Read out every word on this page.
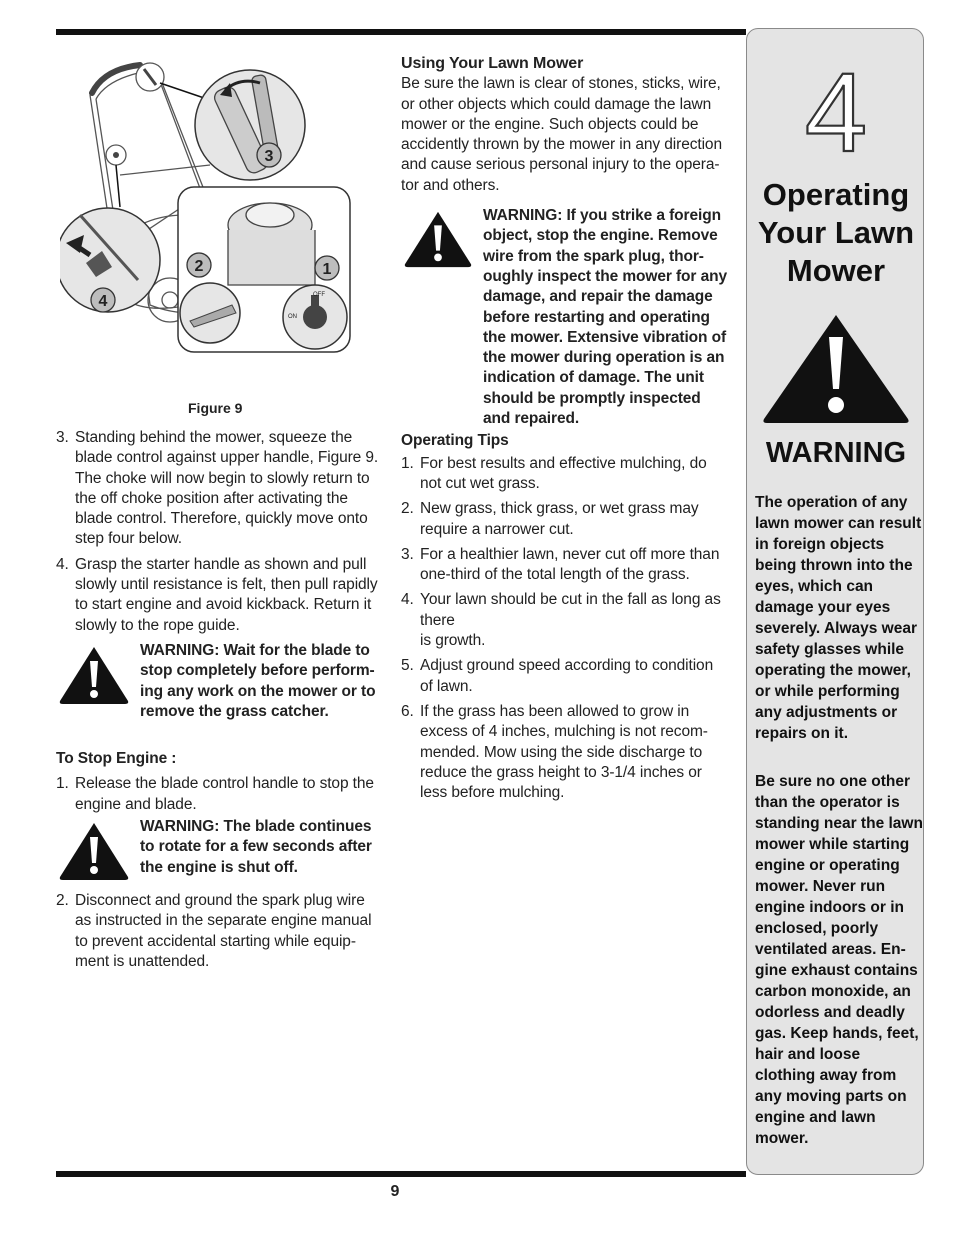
OFF
ON
1
2
3
4
Figure 9
3. Standing behind the mower, squeeze the blade control against upper handle, Figure 9. The choke will now begin to slowly return to the off choke position after activating the blade control. Therefore, quickly move onto step four below.
4. Grasp the starter handle as shown and pull slowly until resistance is felt, then pull rapidly to start engine and avoid kickback. Return it slowly to the rope guide.
WARNING: Wait for the blade to stop completely before perform-ing any work on the mower or to remove the grass catcher.
To Stop Engine :
1. Release the blade control handle to stop the engine and blade.
WARNING: The blade continues to rotate for a few seconds after the engine is shut off.
2. Disconnect and ground the spark plug wire as instructed in the separate engine manual to prevent accidental starting while equip-ment is unattended.
Using Your Lawn Mower

Be sure the lawn is clear of stones, sticks, wire, or other objects which could damage the lawn mower or the engine. Such objects could be accidently thrown by the mower in any direction and cause serious personal injury to the opera-tor and others.

WARNING: If you strike a foreign object, stop the engine. Remove wire from the spark plug, thor-oughly inspect the mower for any damage, and repair the damage before restarting and operating the mower. Extensive vibration of the mower during operation is an indication of damage. The unit should be promptly inspected and repaired.
Operating Tips
1. For best results and effective mulching, do not cut wet grass.
2. New grass, thick grass, or wet grass may require a narrower cut.
3. For a healthier lawn, never cut off more than one-third of the total length of the grass.
4. Your lawn should be cut in the fall as long as there
is growth.
5. Adjust ground speed according to condition of lawn.
6. If the grass has been allowed to grow in excess of 4 inches, mulching is not recom-mended. Mow using the side discharge to reduce the grass height to 3-1/4 inches or less before mulching.
4
Operating
Your Lawn
Mower
WARNING
The operation of any lawn mower can result in foreign objects being thrown into the eyes, which can damage your eyes severely. Always wear safety glasses while operating the mower, or while performing any adjustments or repairs on it.
Be sure no one other than the operator is standing near the lawn mower while starting engine or operating mower. Never run engine indoors or in enclosed, poorly ventilated areas. En-gine exhaust contains carbon monoxide, an odorless and deadly gas. Keep hands, feet, hair and loose clothing away from any moving parts on engine and lawn mower.
9
